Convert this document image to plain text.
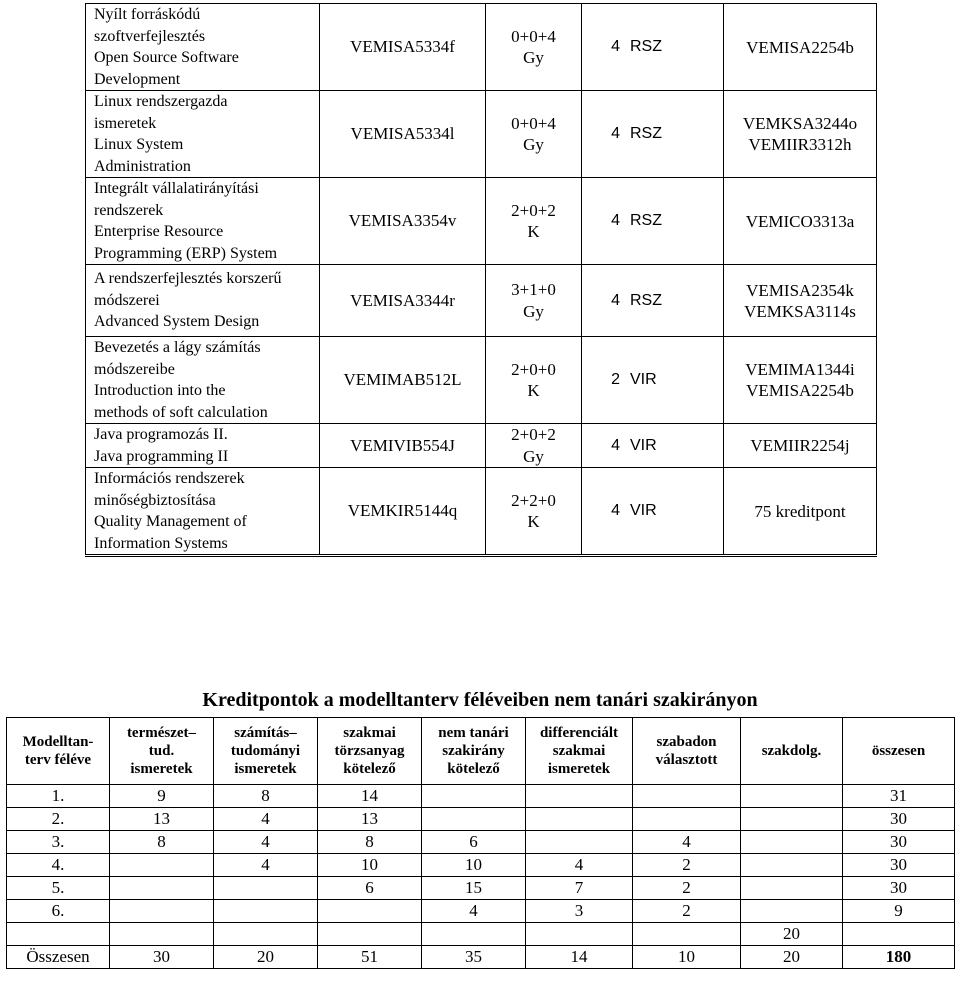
Nyílt forráskódú
szoftverfejlesztés
Open Source Software
Development	VEMISA5334f	0+0+4
Gy	4 RSZ	VEMISA2254b

Linux rendszergazda
ismeretek
Linux System
Administration	VEMISA5334l	0+0+4
Gy	4 RSZ	VEMKSA3244o
VEMIIR3312h

Integrált vállalatirányítási
rendszerek
Enterprise Resource
Programming (ERP) System	VEMISA3354v	2+0+2
K	4 RSZ	VEMICO3313a

A rendszerfejlesztés korszerű
módszerei
Advanced System Design	VEMISA3344r	3+1+0
Gy	4 RSZ	VEMISA2354k
VEMKSA3114s

Bevezetés a lágy számítás
módszereibe
Introduction into the
methods of soft calculation	VEMIMAB512L	2+0+0
K	2 VIR	VEMIMA1344i
VEMISA2254b

Java programozás II.
Java programming II	VEMIVIB554J	2+0+2
Gy	4 VIR	VEMIIR2254j

Információs rendszerek
minőségbiztosítása
Quality Management of
Information Systems	VEMKIR5144q	2+2+0
K	4 VIR	75 kreditpont
Kreditpontok a modelltanterv féléveiben nem tanári szakirányon
Modelltan-
terv féléve	természet–
tud.
ismeretek	számítás–
tudományi
ismeretek	szakmai
törzsanyag
kötelező	nem tanári
szakirány
kötelező	differenciált
szakmai
ismeretek	szabadon
választott	szakdolg.	összesen

1.	9	8	14					31
2.	13	4	13					30
3.	8	4	8	6		4		30
4.		4	10	10	4	2		30
5.			6	15	7	2		30
6.				4	3	2		9
							20	
Összesen	30	20	51	35	14	10	20	180
